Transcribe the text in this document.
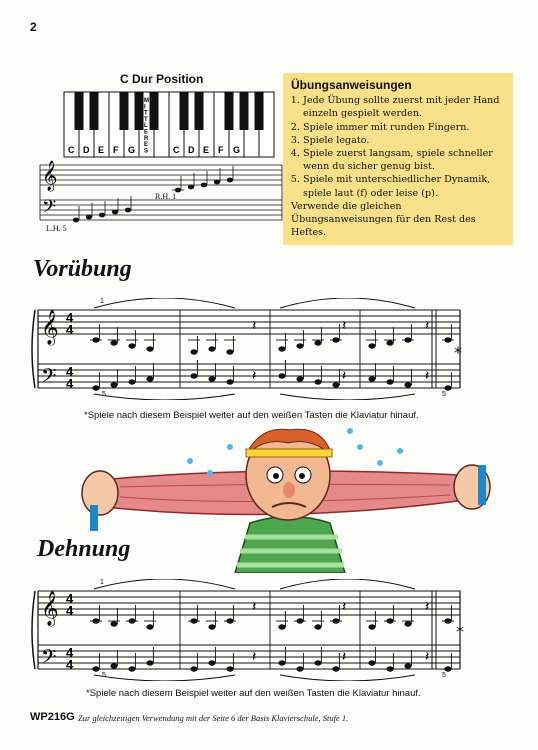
2
C Dur Position
C D E F G	C D E F G
M
I
T
T
L
E
R
E
S
𝄞
𝄢
R.H. 1
L.H. 5
Übungsanweisungen
1. Jede Übung sollte zuerst mit jeder Hand einzeln gespielt werden.
2. Spiele immer mit runden Fingern.
3. Spiele legato.
4. Spiele zuerst langsam, spiele schneller wenn du sicher genug bist.
5. Spiele mit unterschiedlicher Dynamik, spiele laut (f) oder leise (p).
Verwende die gleichen Übungsanweisungen für den Rest des Heftes.
Vorübung
𝄞
𝄢
4
4
4
4
𝄽
𝄽
𝄽
𝄽
𝄽
𝄽
1
5	5
*
*Spiele nach diesem Beispiel weiter auf den weißen Tasten die Klaviatur hinauf.
Dehnung
𝄞
𝄢
4
4
4
4
𝄽
𝄽
𝄽
𝄽
𝄽
𝄽
1
5	5
*
*Spiele nach diesem Beispiel weiter auf den weißen Tasten die Klaviatur hinauf.
WP216G Zur gleichzeitigen Verwendung mit der Seite 6 der Basis Klavierschule, Stufe 1.
